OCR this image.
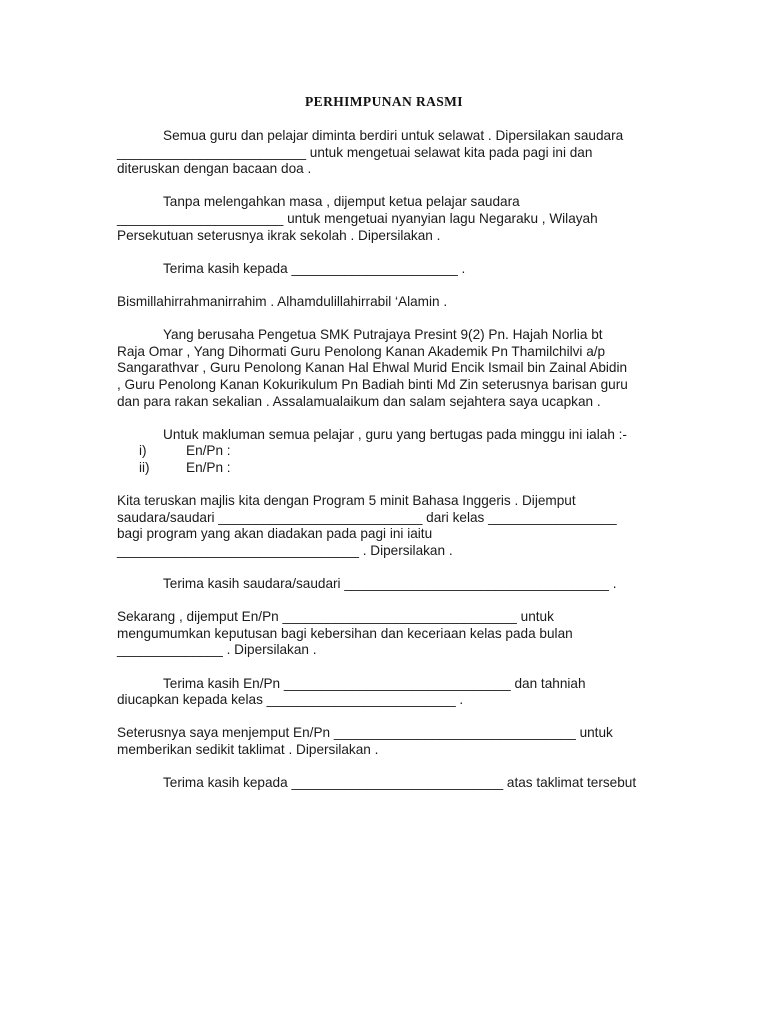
PERHIMPUNAN RASMI
Semua guru dan pelajar diminta berdiri untuk selawat . Dipersilakan saudara
_________________________ untuk mengetuai selawat kita pada pagi ini dan
diteruskan dengan bacaan doa .
Tanpa melengahkan masa , dijemput ketua pelajar saudara
______________________ untuk mengetuai nyanyian lagu Negaraku , Wilayah
Persekutuan seterusnya ikrak sekolah . Dipersilakan .
Terima kasih kepada ______________________ .
Bismillahirrahmanirrahim . Alhamdulillahirrabil ‘Alamin .
Yang berusaha Pengetua SMK Putrajaya Presint 9(2) Pn. Hajah Norlia bt
Raja Omar , Yang Dihormati Guru Penolong Kanan Akademik Pn Thamilchilvi a/p
Sangarathvar , Guru Penolong Kanan Hal Ehwal Murid Encik Ismail bin Zainal Abidin
, Guru Penolong Kanan Kokurikulum Pn Badiah binti Md Zin seterusnya barisan guru
dan para rakan sekalian . Assalamualaikum dan salam sejahtera saya ucapkan .
Untuk makluman semua pelajar , guru yang bertugas pada minggu ini ialah :-
i)	En/Pn :
ii)	En/Pn :
Kita teruskan majlis kita dengan Program 5 minit Bahasa Inggeris . Dijemput
saudara/saudari ___________________________ dari kelas _________________
bagi program yang akan diadakan pada pagi ini iaitu
________________________________ . Dipersilakan .
Terima kasih saudara/saudari ___________________________________ .
Sekarang , dijemput En/Pn _______________________________ untuk
mengumumkan keputusan bagi kebersihan dan keceriaan kelas pada bulan
______________ . Dipersilakan .
Terima kasih En/Pn ______________________________ dan tahniah
diucapkan kepada kelas _________________________ .
Seterusnya saya menjemput En/Pn ________________________________ untuk
memberikan sedikit taklimat . Dipersilakan .
Terima kasih kepada ____________________________ atas taklimat tersebut
